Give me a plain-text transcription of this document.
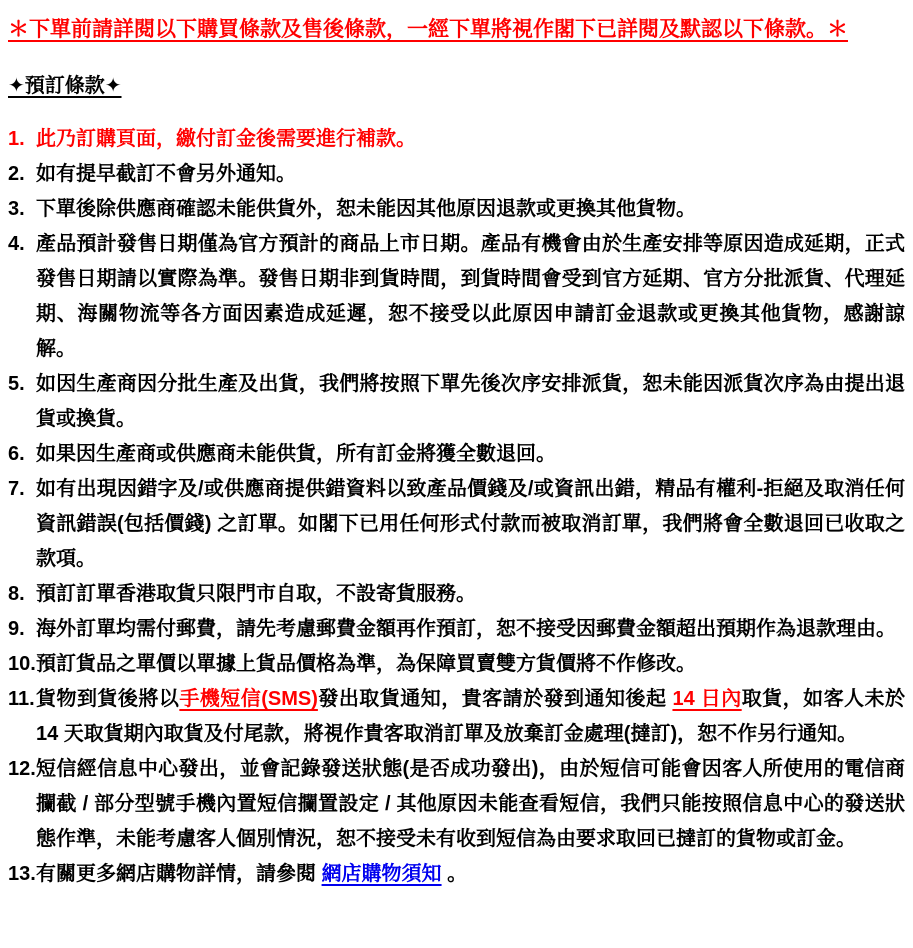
＊下單前請詳閱以下購買條款及售後條款，一經下單將視作閣下已詳閱及默認以下條款。＊

✦預訂條款✦

1. 此乃訂購頁面，繳付訂金後需要進行補款。
2. 如有提早截訂不會另外通知。
3. 下單後除供應商確認未能供貨外，恕未能因其他原因退款或更換其他貨物。
4. 產品預計發售日期僅為官方預計的商品上市日期。產品有機會由於生產安排等原因造成延期，正式發售日期請以實際為準。發售日期非到貨時間，到貨時間會受到官方延期、官方分批派貨、代理延期、海關物流等各方面因素造成延遲，恕不接受以此原因申請訂金退款或更換其他貨物，感謝諒解。
5. 如因生產商因分批生產及出貨，我們將按照下單先後次序安排派貨，恕未能因派貨次序為由提出退貨或換貨。
6. 如果因生產商或供應商未能供貨，所有訂金將獲全數退回。
7. 如有出現因錯字及/或供應商提供錯資料以致產品價錢及/或資訊出錯，精品有權利-拒絕及取消任何資訊錯誤(包括價錢) 之訂單。如閣下已用任何形式付款而被取消訂單，我們將會全數退回已收取之款項。
8. 預訂訂單香港取貨只限門市自取，不設寄貨服務。
9. 海外訂單均需付郵費，請先考慮郵費金額再作預訂，恕不接受因郵費金額超出預期作為退款理由。
10. 預訂貨品之單價以單據上貨品價格為準，為保障買賣雙方貨價將不作修改。
11. 貨物到貨後將以手機短信(SMS)發出取貨通知，貴客請於發到通知後起 14 日內取貨，如客人未於 14 天取貨期內取貨及付尾款，將視作貴客取消訂單及放棄訂金處理(撻訂)，恕不作另行通知。
12. 短信經信息中心發出，並會記錄發送狀態(是否成功發出)，由於短信可能會因客人所使用的電信商攔截 / 部分型號手機內置短信攔置設定 / 其他原因未能查看短信，我們只能按照信息中心的發送狀態作準，未能考慮客人個別情況，恕不接受未有收到短信為由要求取回已撻訂的貨物或訂金。
13. 有關更多網店購物詳情，請參閱 網店購物須知 。
